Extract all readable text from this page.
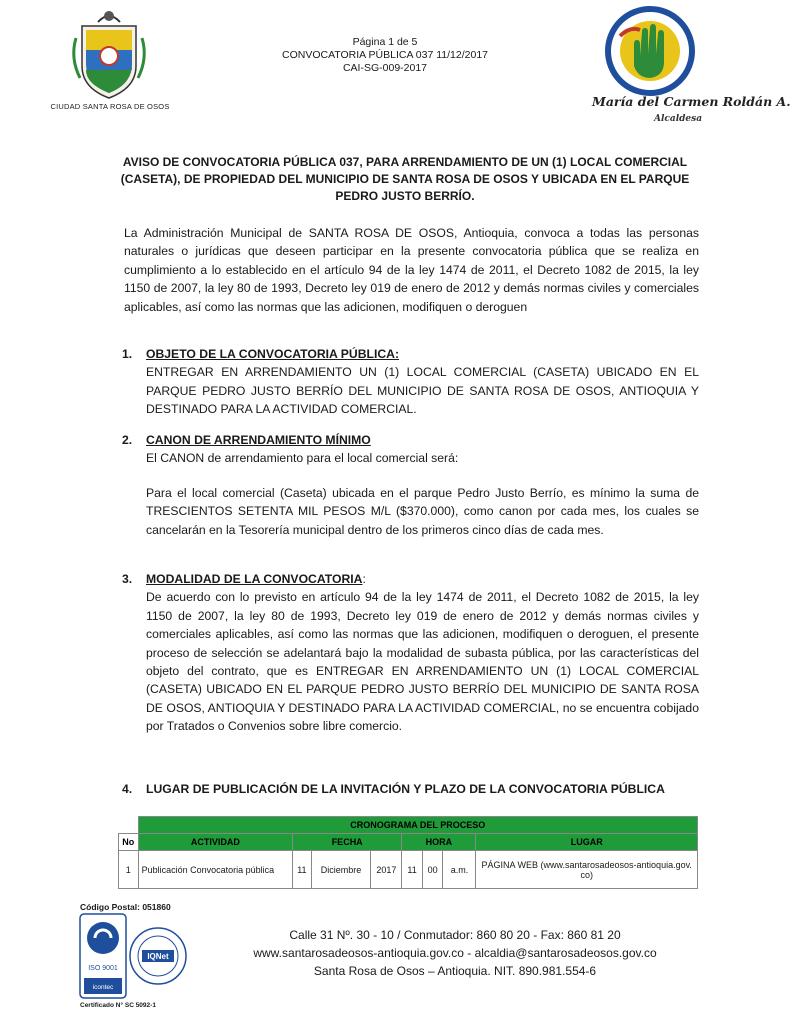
CIUDAD SANTA ROSA DE OSOS
Página 1 de 5
CONVOCATORIA PÚBLICA 037 11/12/2017
CAI-SG-009-2017
María del Carmen Roldán A.
Alcaldesa
AVISO DE CONVOCATORIA PÚBLICA 037, PARA ARRENDAMIENTO DE UN (1) LOCAL COMERCIAL (CASETA), DE PROPIEDAD DEL MUNICIPIO DE SANTA ROSA DE OSOS Y UBICADA EN EL PARQUE PEDRO JUSTO BERRÍO.
La Administración Municipal de SANTA ROSA DE OSOS, Antioquia, convoca a todas las personas naturales o jurídicas que deseen participar en la presente convocatoria pública que se realiza en cumplimiento a lo establecido en el artículo 94 de la ley 1474 de 2011, el Decreto 1082 de 2015, la ley 1150 de 2007, la ley 80 de 1993, Decreto ley 019 de enero de 2012 y demás normas civiles y comerciales aplicables, así como las normas que las adicionen, modifiquen o deroguen
1. OBJETO DE LA CONVOCATORIA PÚBLICA:

ENTREGAR EN ARRENDAMIENTO UN (1) LOCAL COMERCIAL (CASETA) UBICADO EN EL PARQUE PEDRO JUSTO BERRÍO DEL MUNICIPIO DE SANTA ROSA DE OSOS, ANTIOQUIA Y DESTINADO PARA LA ACTIVIDAD COMERCIAL.

2. CANON DE ARRENDAMIENTO MÍNIMO

El CANON de arrendamiento para el local comercial será:

Para el local comercial (Caseta) ubicada en el parque Pedro Justo Berrío, es mínimo la suma de TRESCIENTOS SETENTA MIL PESOS M/L ($370.000), como canon por cada mes, los cuales se cancelarán en la Tesorería municipal dentro de los primeros cinco días de cada mes.

3. MODALIDAD DE LA CONVOCATORIA:

De acuerdo con lo previsto en artículo 94 de la ley 1474 de 2011, el Decreto 1082 de 2015, la ley 1150 de 2007, la ley 80 de 1993, Decreto ley 019 de enero de 2012 y demás normas civiles y comerciales aplicables, así como las normas que las adicionen, modifiquen o deroguen, el presente proceso de selección se adelantará bajo la modalidad de subasta pública, por las características del objeto del contrato, que es ENTREGAR EN ARRENDAMIENTO UN (1) LOCAL COMERCIAL (CASETA) UBICADO EN EL PARQUE PEDRO JUSTO BERRÍO DEL MUNICIPIO DE SANTA ROSA DE OSOS, ANTIOQUIA Y DESTINADO PARA LA ACTIVIDAD COMERCIAL, no se encuentra cobijado por Tratados o Convenios sobre libre comercio.

4. LUGAR DE PUBLICACIÓN DE LA INVITACIÓN Y PLAZO DE LA CONVOCATORIA PÚBLICA
	CRONOGRAMA DEL PROCESO							
No	ACTIVIDAD	FECHA			HORA			LUGAR
1	Publicación Convocatoria pública	11	Diciembre	2017	11	00	a.m.	PÁGINA WEB (www.santarosadeosos-antioquia.gov. co)
Código Postal: 051860
ISO 9001
icontec
IQNet
Certificado N° SC 5092-1
Calle 31 Nº. 30 - 10 / Conmutador: 860 80 20 - Fax: 860 81 20
www.santarosadeosos-antioquia.gov.co - alcaldia@santarosadeosos.gov.co
Santa Rosa de Osos – Antioquia. NIT. 890.981.554-6
